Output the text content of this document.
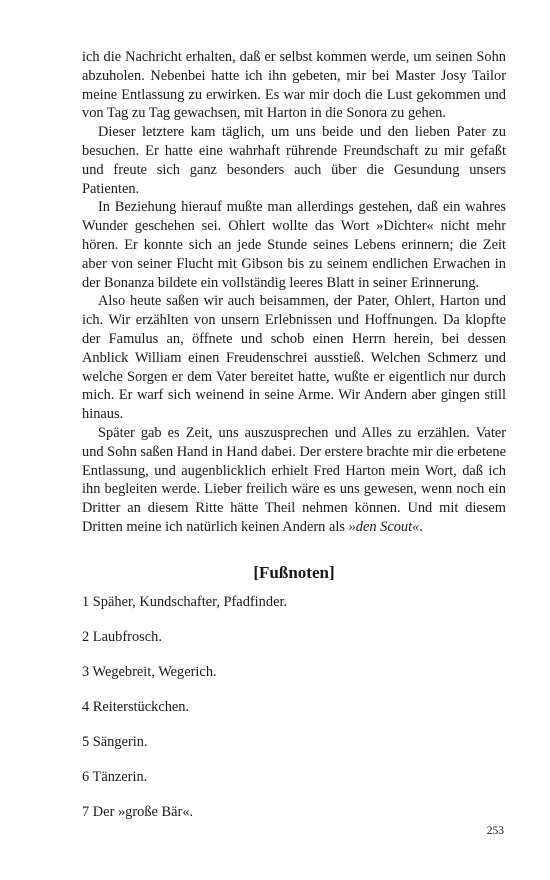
ich die Nachricht erhalten, daß er selbst kommen werde, um seinen Sohn abzuholen. Nebenbei hatte ich ihn gebeten, mir bei Master Josy Tailor meine Entlassung zu erwirken. Es war mir doch die Lust gekommen und von Tag zu Tag gewachsen, mit Harton in die Sonora zu gehen.

Dieser letztere kam täglich, um uns beide und den lieben Pater zu besuchen. Er hatte eine wahrhaft rührende Freundschaft zu mir gefaßt und freute sich ganz besonders auch über die Gesundung unsers Patienten.

In Beziehung hierauf mußte man allerdings gestehen, daß ein wahres Wunder geschehen sei. Ohlert wollte das Wort »Dichter« nicht mehr hören. Er konnte sich an jede Stunde seines Lebens erinnern; die Zeit aber von seiner Flucht mit Gibson bis zu seinem endlichen Erwachen in der Bonanza bildete ein vollständig leeres Blatt in seiner Erinnerung.

Also heute saßen wir auch beisammen, der Pater, Ohlert, Harton und ich. Wir erzählten von unsern Erlebnissen und Hoffnungen. Da klopfte der Famulus an, öffnete und schob einen Herrn herein, bei dessen Anblick William einen Freudenschrei ausstieß. Welchen Schmerz und welche Sorgen er dem Vater bereitet hatte, wußte er eigentlich nur durch mich. Er warf sich weinend in seine Arme. Wir Andern aber gingen still hinaus.

Später gab es Zeit, uns auszusprechen und Alles zu erzählen. Vater und Sohn saßen Hand in Hand dabei. Der erstere brachte mir die erbetene Entlassung, und augenblicklich erhielt Fred Harton mein Wort, daß ich ihn begleiten werde. Lieber freilich wäre es uns gewesen, wenn noch ein Dritter an diesem Ritte hätte Theil nehmen können. Und mit diesem Dritten meine ich natürlich keinen Andern als »den Scout«.

[Fußnoten]
1 Späher, Kundschafter, Pfadfinder.
2 Laubfrosch.
3 Wegebreit, Wegerich.
4 Reiterstückchen.
5 Sängerin.
6 Tänzerin.
7 Der »große Bär«.
253
